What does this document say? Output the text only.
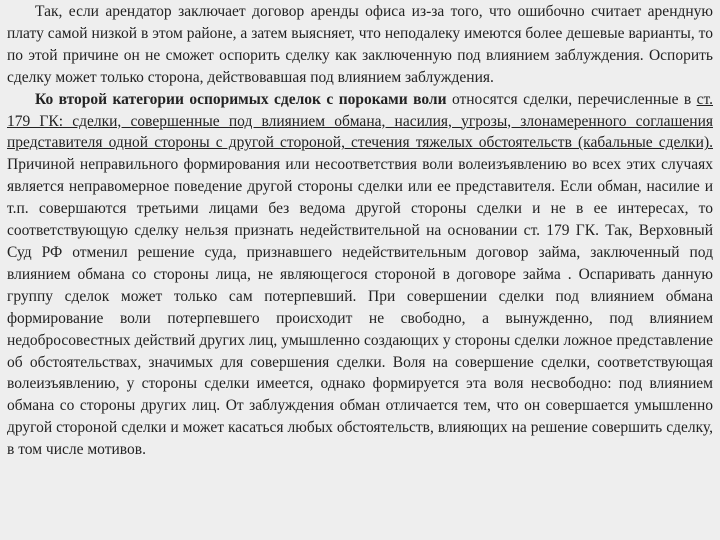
Так, если арендатор заключает договор аренды офиса из-за того, что ошибочно считает арендную плату самой низкой в этом районе, а затем выясняет, что неподалеку имеются более дешевые варианты, то по этой причине он не сможет оспорить сделку как заключенную под влиянием заблуждения. Оспорить сделку может только сторона, действовавшая под влиянием заблуждения.

Ко второй категории оспоримых сделок с пороками воли относятся сделки, перечисленные в ст. 179 ГК: сделки, совершенные под влиянием обмана, насилия, угрозы, злонамеренного соглашения представителя одной стороны с другой стороной, стечения тяжелых обстоятельств (кабальные сделки). Причиной неправильного формирования или несоответствия воли волеизъявлению во всех этих случаях является неправомерное поведение другой стороны сделки или ее представителя. Если обман, насилие и т.п. совершаются третьими лицами без ведома другой стороны сделки и не в ее интересах, то соответствующую сделку нельзя признать недействительной на основании ст. 179 ГК. Так, Верховный Суд РФ отменил решение суда, признавшего недействительным договор займа, заключенный под влиянием обмана со стороны лица, не являющегося стороной в договоре займа . Оспаривать данную группу сделок может только сам потерпевший. При совершении сделки под влиянием обмана формирование воли потерпевшего происходит не свободно, а вынужденно, под влиянием недобросовестных действий других лиц, умышленно создающих у стороны сделки ложное представление об обстоятельствах, значимых для совершения сделки. Воля на совершение сделки, соответствующая волеизъявлению, у стороны сделки имеется, однако формируется эта воля несвободно: под влиянием обмана со стороны других лиц. От заблуждения обман отличается тем, что он совершается умышленно другой стороной сделки и может касаться любых обстоятельств, влияющих на решение совершить сделку, в том числе мотивов.
